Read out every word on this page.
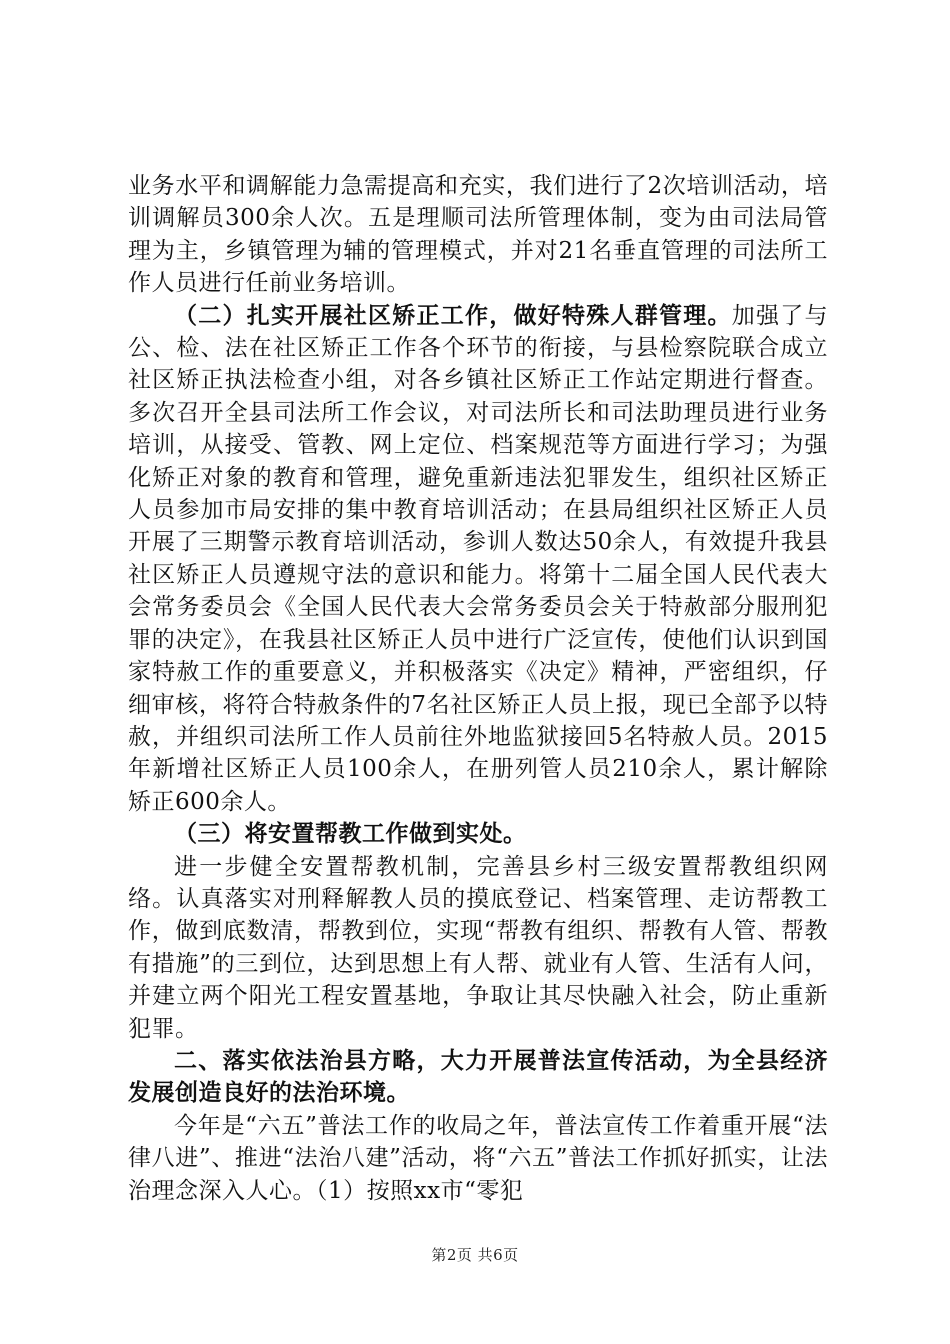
业务水平和调解能力急需提高和充实，我们进行了2次培训活动，培训调解员300余人次。五是理顺司法所管理体制，变为由司法局管理为主，乡镇管理为辅的管理模式，并对21名垂直管理的司法所工作人员进行任前业务培训。

（二）扎实开展社区矫正工作，做好特殊人群管理。加强了与公、检、法在社区矫正工作各个环节的衔接，与县检察院联合成立社区矫正执法检查小组，对各乡镇社区矫正工作站定期进行督查。多次召开全县司法所工作会议，对司法所长和司法助理员进行业务培训，从接受、管教、网上定位、档案规范等方面进行学习；为强化矫正对象的教育和管理，避免重新违法犯罪发生，组织社区矫正人员参加市局安排的集中教育培训活动；在县局组织社区矫正人员开展了三期警示教育培训活动，参训人数达50余人，有效提升我县社区矫正人员遵规守法的意识和能力。将第十二届全国人民代表大会常务委员会《全国人民代表大会常务委员会关于特赦部分服刑犯罪的决定》，在我县社区矫正人员中进行广泛宣传，使他们认识到国家特赦工作的重要意义，并积极落实《决定》精神，严密组织，仔细审核，将符合特赦条件的7名社区矫正人员上报，现已全部予以特赦，并组织司法所工作人员前往外地监狱接回5名特赦人员。2015年新增社区矫正人员100余人，在册列管人员210余人，累计解除矫正600余人。

（三）将安置帮教工作做到实处。

进一步健全安置帮教机制，完善县乡村三级安置帮教组织网络。认真落实对刑释解教人员的摸底登记、档案管理、走访帮教工作，做到底数清，帮教到位，实现“帮教有组织、帮教有人管、帮教有措施”的三到位，达到思想上有人帮、就业有人管、生活有人问，并建立两个阳光工程安置基地，争取让其尽快融入社会，防止重新犯罪。

二、落实依法治县方略，大力开展普法宣传活动，为全县经济发展创造良好的法治环境。

今年是“六五”普法工作的收局之年，普法宣传工作着重开展“法律八进”、推进“法治八建”活动，将“六五”普法工作抓好抓实，让法治理念深入人心。（1）按照xx市“零犯

第2页 共6页
